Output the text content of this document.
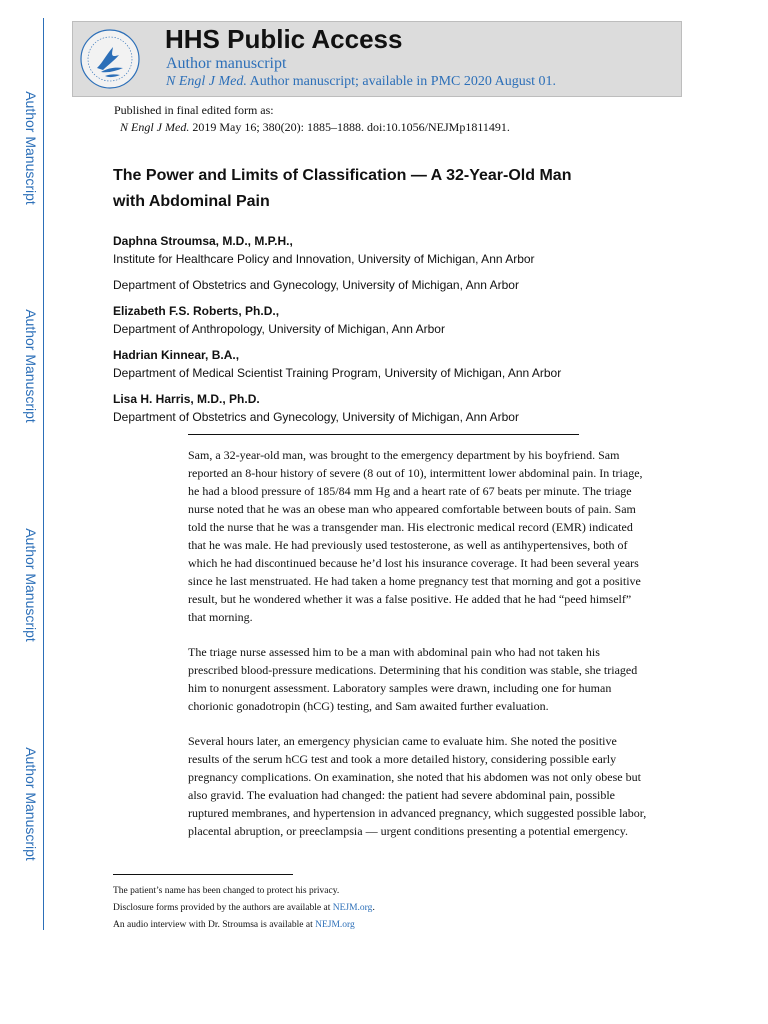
Author Manuscript
Author Manuscript
Author Manuscript
Author Manuscript
HHS Public Access
Author manuscript
N Engl J Med. Author manuscript; available in PMC 2020 August 01.
Published in final edited form as:
N Engl J Med. 2019 May 16; 380(20): 1885–1888. doi:10.1056/NEJMp1811491.
The Power and Limits of Classification — A 32-Year-Old Man
with Abdominal Pain
Daphna Stroumsa, M.D., M.P.H.,
Institute for Healthcare Policy and Innovation, University of Michigan, Ann Arbor
Department of Obstetrics and Gynecology, University of Michigan, Ann Arbor
Elizabeth F.S. Roberts, Ph.D.,
Department of Anthropology, University of Michigan, Ann Arbor
Hadrian Kinnear, B.A.,
Department of Medical Scientist Training Program, University of Michigan, Ann Arbor
Lisa H. Harris, M.D., Ph.D.
Department of Obstetrics and Gynecology, University of Michigan, Ann Arbor

Sam, a 32-year-old man, was brought to the emergency department by his boyfriend. Sam reported an 8-hour history of severe (8 out of 10), intermittent lower abdominal pain. In triage, he had a blood pressure of 185/84 mm Hg and a heart rate of 67 beats per minute. The triage nurse noted that he was an obese man who appeared comfortable between bouts of pain. Sam told the nurse that he was a transgender man. His electronic medical record (EMR) indicated that he was male. He had previously used testosterone, as well as antihypertensives, both of which he had discontinued because he’d lost his insurance coverage. It had been several years since he last menstruated. He had taken a home pregnancy test that morning and got a positive result, but he wondered whether it was a false positive. He added that he had “peed himself” that morning.

The triage nurse assessed him to be a man with abdominal pain who had not taken his prescribed blood-pressure medications. Determining that his condition was stable, she triaged him to nonurgent assessment. Laboratory samples were drawn, including one for human chorionic gonadotropin (hCG) testing, and Sam awaited further evaluation.

Several hours later, an emergency physician came to evaluate him. She noted the positive results of the serum hCG test and took a more detailed history, considering possible early pregnancy complications. On examination, she noted that his abdomen was not only obese but also gravid. The evaluation had changed: the patient had severe abdominal pain, possible ruptured membranes, and hypertension in advanced pregnancy, which suggested possible labor, placental abruption, or preeclampsia — urgent conditions presenting a potential emergency.

The patient’s name has been changed to protect his privacy.
Disclosure forms provided by the authors are available at NEJM.org.
An audio interview with Dr. Stroumsa is available at NEJM.org
